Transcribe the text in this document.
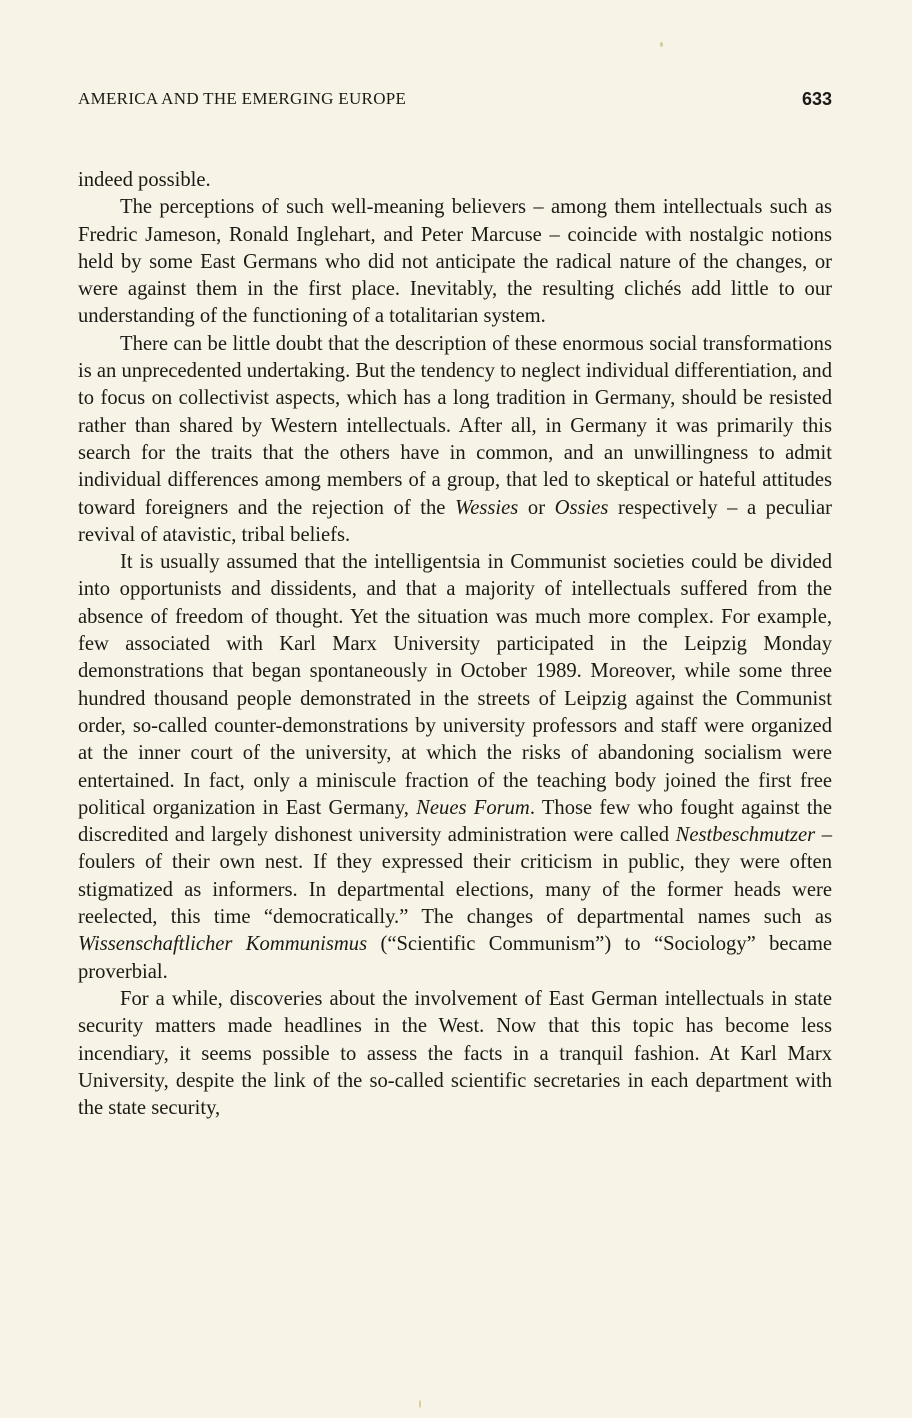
AMERICA AND THE EMERGING EUROPE	633

indeed possible.

The perceptions of such well-meaning believers – among them intellectuals such as Fredric Jameson, Ronald Inglehart, and Peter Marcuse – coincide with nostalgic notions held by some East Germans who did not anticipate the radical nature of the changes, or were against them in the first place. Inevitably, the resulting clichés add little to our understanding of the functioning of a totalitarian system.

There can be little doubt that the description of these enormous social transformations is an unprecedented undertaking. But the tendency to neglect individual differentiation, and to focus on collectivist aspects, which has a long tradition in Germany, should be resisted rather than shared by Western intellectuals. After all, in Germany it was primarily this search for the traits that the others have in common, and an unwillingness to admit individual differences among members of a group, that led to skeptical or hateful attitudes toward foreigners and the rejection of the Wessies or Ossies respectively – a peculiar revival of atavistic, tribal beliefs.

It is usually assumed that the intelligentsia in Communist societies could be divided into opportunists and dissidents, and that a majority of intellectuals suffered from the absence of freedom of thought. Yet the situation was much more complex. For example, few associated with Karl Marx University participated in the Leipzig Monday demonstrations that began spontaneously in October 1989. Moreover, while some three hundred thousand people demonstrated in the streets of Leipzig against the Communist order, so-called counter-demonstrations by university professors and staff were organized at the inner court of the university, at which the risks of abandoning socialism were entertained. In fact, only a miniscule fraction of the teaching body joined the first free political organization in East Germany, Neues Forum. Those few who fought against the discredited and largely dishonest university administration were called Nestbeschmutzer – foulers of their own nest. If they expressed their criticism in public, they were often stigmatized as informers. In departmental elections, many of the former heads were reelected, this time “democratically.” The changes of departmental names such as Wissenschaftlicher Kommunismus (“Scientific Communism”) to “Sociology” became proverbial.

For a while, discoveries about the involvement of East German intellectuals in state security matters made headlines in the West. Now that this topic has become less incendiary, it seems possible to assess the facts in a tranquil fashion. At Karl Marx University, despite the link of the so-called scientific secretaries in each department with the state security,
